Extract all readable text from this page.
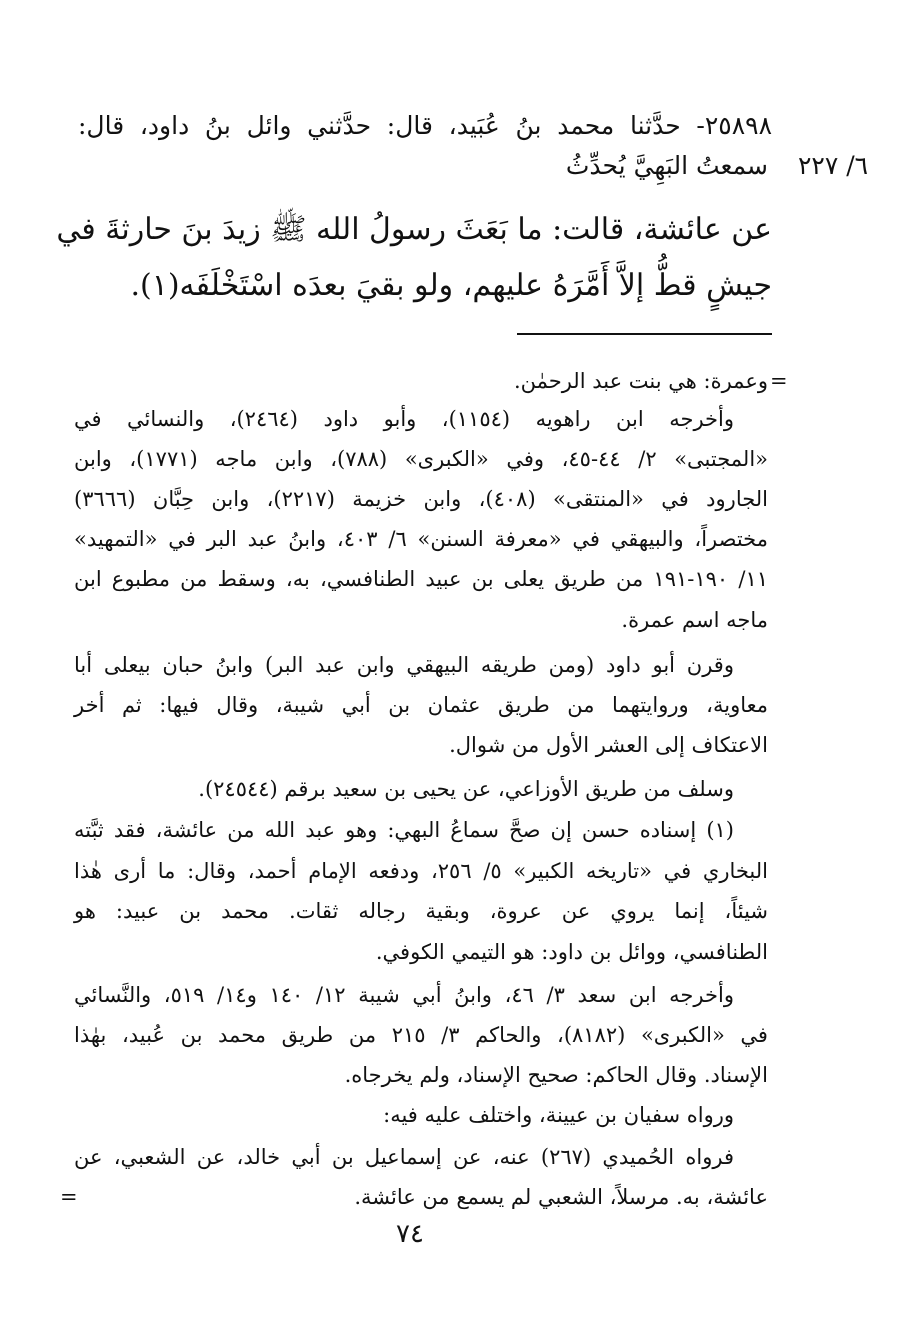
٢٥٨٩٨- حدَّثنا محمد بنُ عُبَيد، قال: حدَّثني وائل بنُ داود، قال:
سمعتُ البَهِيَّ يُحدِّثُ ٦/ ٢٢٧
عن عائشة، قالت: ما بَعَثَ رسولُ الله ﷺ زيدَ بنَ حارثةَ في
جيشٍ قطُّ إلاَّ أَمَّرَهُ عليهم، ولو بقيَ بعدَه اسْتَخْلَفَه(١).
=
وعمرة: هي بنت عبد الرحمٰن.
وأخرجه ابن راهويه (١١٥٤)، وأبو داود (٢٤٦٤)، والنسائي في
«المجتبى» ٢/ ٤٤-٤٥، وفي «الكبرى» (٧٨٨)، وابن ماجه (١٧٧١)، وابن
الجارود في «المنتقى» (٤٠٨)، وابن خزيمة (٢٢١٧)، وابن حِبَّان (٣٦٦٦)
مختصراً، والبيهقي في «معرفة السنن» ٦/ ٤٠٣، وابنُ عبد البر في «التمهيد»
١١/ ١٩٠-١٩١ من طريق يعلى بن عبيد الطنافسي، به، وسقط من مطبوع ابن
ماجه اسم عمرة.
وقرن أبو داود (ومن طريقه البيهقي وابن عبد البر) وابنُ حبان بيعلى أبا
معاوية، وروايتهما من طريق عثمان بن أبي شيبة، وقال فيها: ثم أخر
الاعتكاف إلى العشر الأول من شوال.
وسلف من طريق الأوزاعي، عن يحيى بن سعيد برقم (٢٤٥٤٤).
(١) إسناده حسن إن صحَّ سماعُ البهي: وهو عبد الله من عائشة، فقد ثبَّته
البخاري في «تاريخه الكبير» ٥/ ٢٥٦، ودفعه الإمام أحمد، وقال: ما أرى هٰذا
شيئاً، إنما يروي عن عروة، وبقية رجاله ثقات. محمد بن عبيد: هو
الطنافسي، ووائل بن داود: هو التيمي الكوفي.
وأخرجه ابن سعد ٣/ ٤٦، وابنُ أبي شيبة ١٢/ ١٤٠ و١٤/ ٥١٩، والنَّسائي
في «الكبرى» (٨١٨٢)، والحاكم ٣/ ٢١٥ من طريق محمد بن عُبيد، بهٰذا
الإسناد. وقال الحاكم: صحيح الإسناد، ولم يخرجاه.
ورواه سفيان بن عيينة، واختلف عليه فيه:
فرواه الحُميدي (٢٦٧) عنه، عن إسماعيل بن أبي خالد، عن الشعبي، عن
عائشة، به. مرسلاً، الشعبي لم يسمع من عائشة.
=
٧٤
